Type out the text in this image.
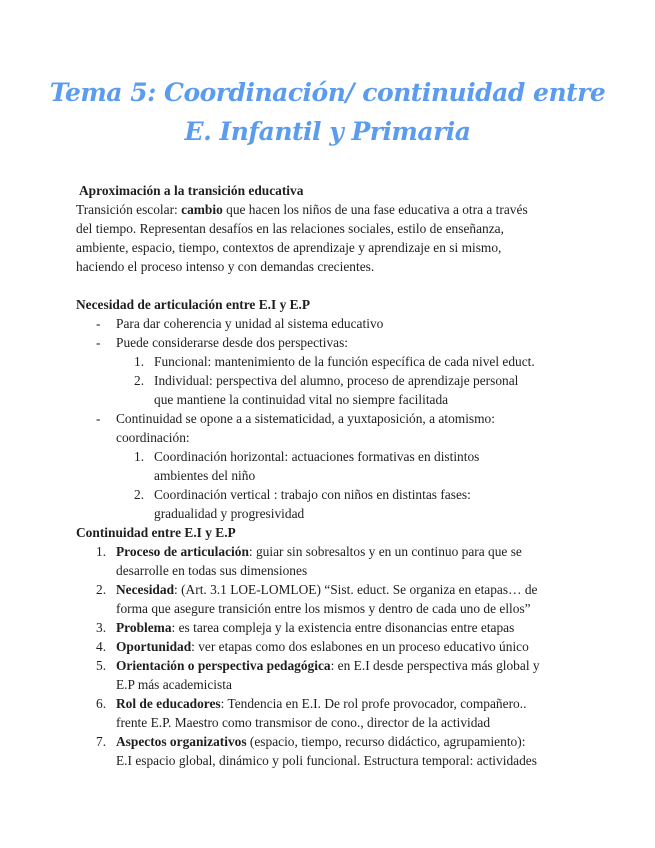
Tema 5: Coordinación/ continuidad entre
E. Infantil y Primaria

Aproximación a la transición educativa

Transición escolar: cambio que hacen los niños de una fase educativa a otra a través

del tiempo. Representan desafíos en las relaciones sociales, estilo de enseñanza,

ambiente, espacio, tiempo, contextos de aprendizaje y aprendizaje en si mismo,

haciendo el proceso intenso y con demandas crecientes.

Necesidad de articulación entre E.I y E.P

- Para dar coherencia y unidad al sistema educativo
- Puede considerarse desde dos perspectivas:
1. Funcional: mantenimiento de la función específica de cada nivel educt.
2. Individual: perspectiva del alumno, proceso de aprendizaje personal
que mantiene la continuidad vital no siempre facilitada
- Continuidad se opone a a sistematicidad, a yuxtaposición, a atomismo:
coordinación:
1. Coordinación horizontal: actuaciones formativas en distintos
ambientes del niño
2. Coordinación vertical : trabajo con niños en distintas fases:
gradualidad y progresividad

Continuidad entre E.I y E.P

1. Proceso de articulación: guiar sin sobresaltos y en un continuo para que se
desarrolle en todas sus dimensiones
2. Necesidad: (Art. 3.1 LOE-LOMLOE) “Sist. educt. Se organiza en etapas… de
forma que asegure transición entre los mismos y dentro de cada uno de ellos”
3. Problema: es tarea compleja y la existencia entre disonancias entre etapas
4. Oportunidad: ver etapas como dos eslabones en un proceso educativo único
5. Orientación o perspectiva pedagógica: en E.I desde perspectiva más global y
E.P más academicista
6. Rol de educadores: Tendencia en E.I. De rol profe provocador, compañero..
frente E.P. Maestro como transmisor de cono., director de la actividad
7. Aspectos organizativos (espacio, tiempo, recurso didáctico, agrupamiento):
E.I espacio global, dinámico y poli funcional. Estructura temporal: actividades
